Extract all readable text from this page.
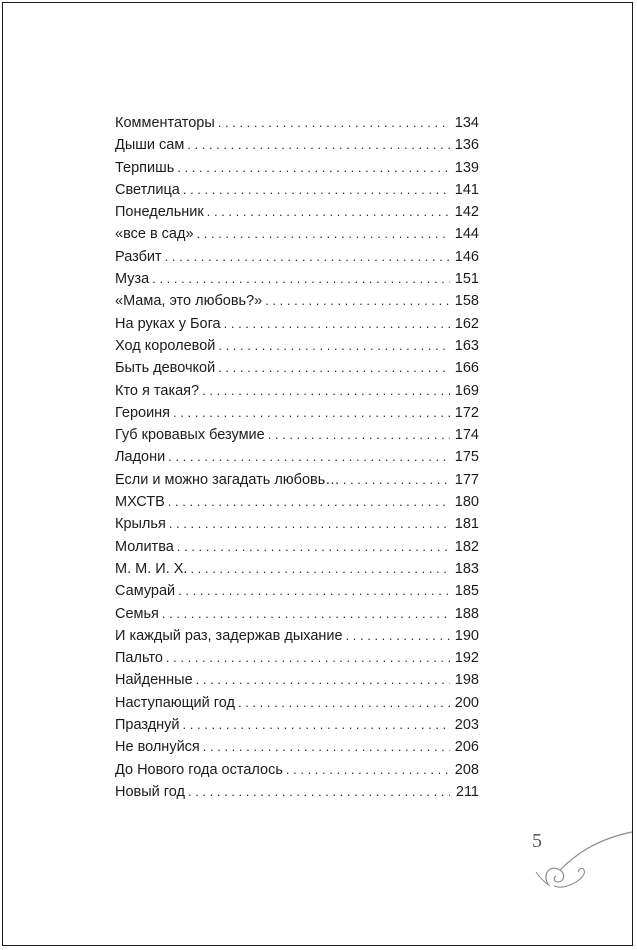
Комментаторы . . .	134
Дыши сам . . .	136
Терпишь . . .	139
Светлица . . .	141
Понедельник . . .	142
«все в сад» . . .	144
Разбит . . .	146
Муза . . .	151
«Мама, это любовь?» . . .	158
На руках у Бога . . .	162
Ход королевой . . .	163
Быть девочкой . . .	166
Кто я такая? . . .	169
Героиня . . .	172
Губ кровавых безумие . . .	174
Ладони . . .	175
Если и можно загадать любовь… . . .	177
МХСТВ . . .	180
Крылья . . .	181
Молитва . . .	182
М. М. И. Х. . . .	183
Самурай . . .	185
Семья . . .	188
И каждый раз, задержав дыхание . . .	190
Пальто . . .	192
Найденные . . .	198
Наступающий год . . .	200
Празднуй . . .	203
Не волнуйся . . .	206
До Нового года осталось . . .	208
Новый год . . .	211
5
